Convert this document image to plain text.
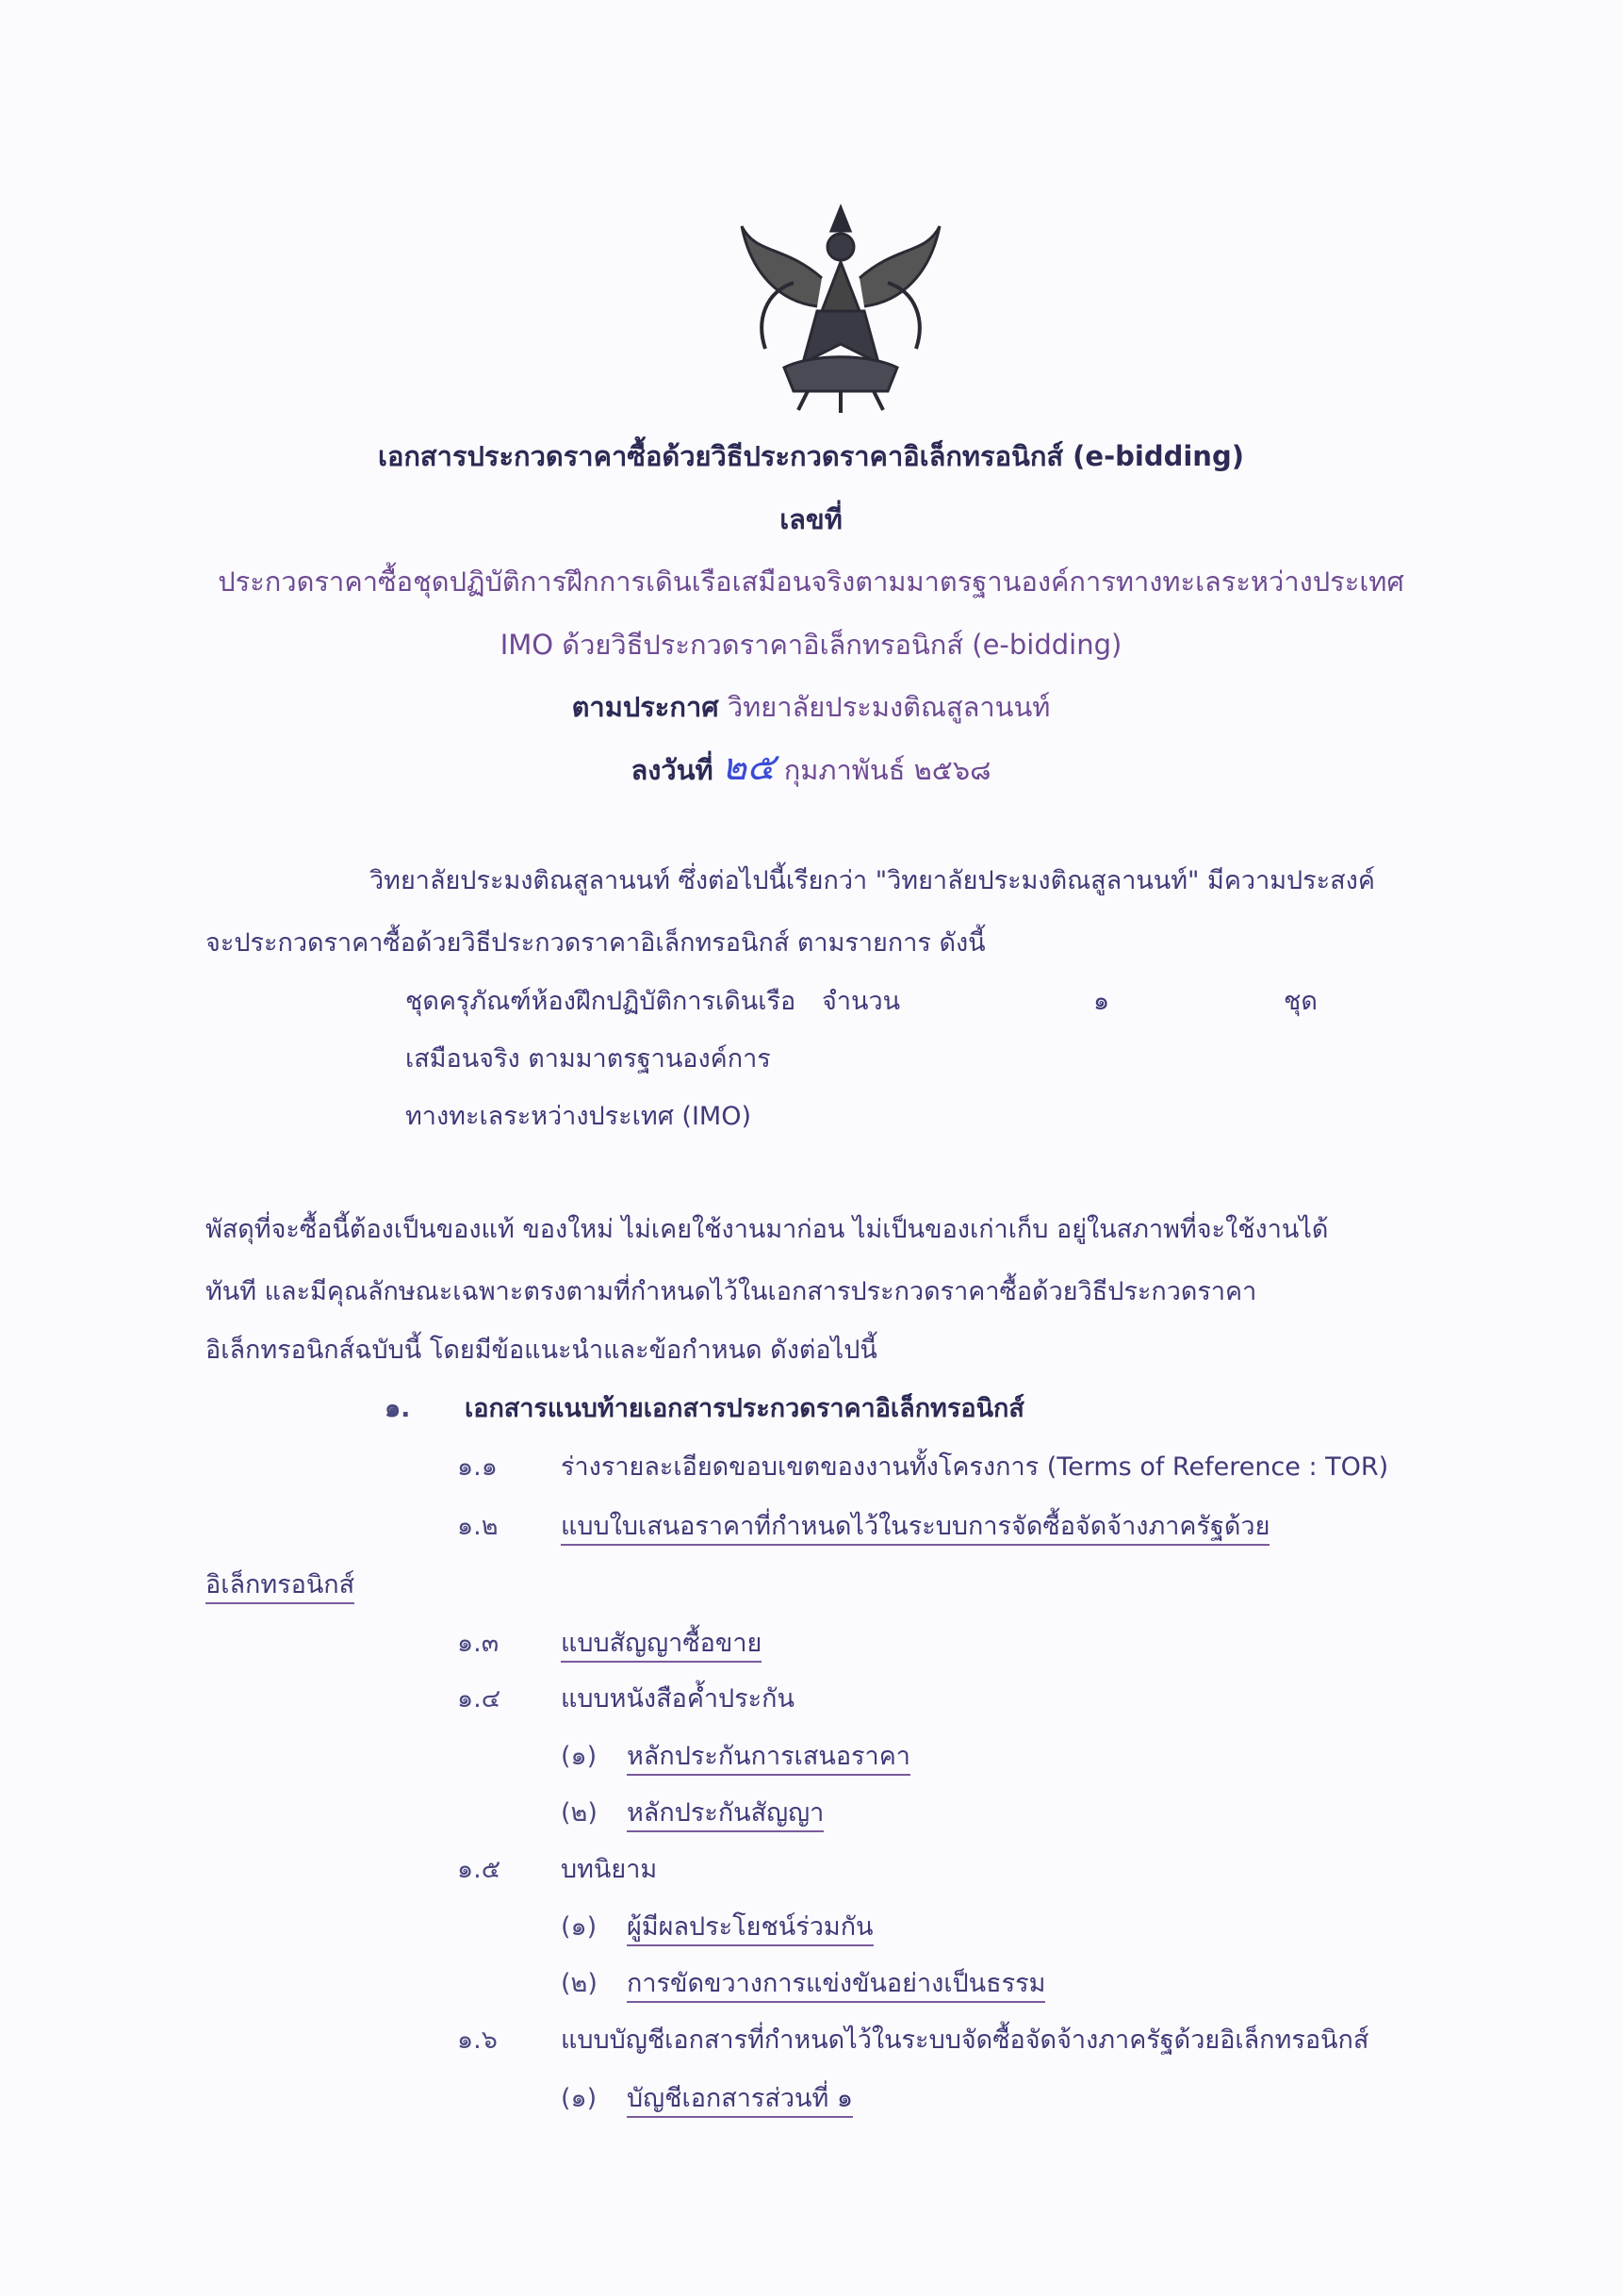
เอกสารประกวดราคาซื้อด้วยวิธีประกวดราคาอิเล็กทรอนิกส์ (e-bidding)
เลขที่
ประกวดราคาซื้อชุดปฏิบัติการฝึกการเดินเรือเสมือนจริงตามมาตรฐานองค์การทางทะเลระหว่างประเทศ
IMO ด้วยวิธีประกวดราคาอิเล็กทรอนิกส์ (e-bidding)
ตามประกาศ วิทยาลัยประมงติณสูลานนท์
ลงวันที่ ๒๕ กุมภาพันธ์ ๒๕๖๘
วิทยาลัยประมงติณสูลานนท์ ซึ่งต่อไปนี้เรียกว่า "วิทยาลัยประมงติณสูลานนท์" มีความประสงค์
จะประกวดราคาซื้อด้วยวิธีประกวดราคาอิเล็กทรอนิกส์ ตามรายการ ดังนี้
ชุดครุภัณฑ์ห้องฝึกปฏิบัติการเดินเรือ จำนวน	๑	ชุด
เสมือนจริง ตามมาตรฐานองค์การ
ทางทะเลระหว่างประเทศ (IMO)
พัสดุที่จะซื้อนี้ต้องเป็นของแท้ ของใหม่ ไม่เคยใช้งานมาก่อน ไม่เป็นของเก่าเก็บ อยู่ในสภาพที่จะใช้งานได้
ทันที และมีคุณลักษณะเฉพาะตรงตามที่กำหนดไว้ในเอกสารประกวดราคาซื้อด้วยวิธีประกวดราคา
อิเล็กทรอนิกส์ฉบับนี้ โดยมีข้อแนะนำและข้อกำหนด ดังต่อไปนี้
๑. เอกสารแนบท้ายเอกสารประกวดราคาอิเล็กทรอนิกส์
๑.๑ ร่างรายละเอียดขอบเขตของงานทั้งโครงการ (Terms of Reference : TOR)
๑.๒ แบบใบเสนอราคาที่กำหนดไว้ในระบบการจัดซื้อจัดจ้างภาครัฐด้วย
อิเล็กทรอนิกส์
๑.๓ แบบสัญญาซื้อขาย
๑.๔ แบบหนังสือค้ำประกัน
(๑) หลักประกันการเสนอราคา
(๒) หลักประกันสัญญา
๑.๕ บทนิยาม
(๑) ผู้มีผลประโยชน์ร่วมกัน
(๒) การขัดขวางการแข่งขันอย่างเป็นธรรม
๑.๖ แบบบัญชีเอกสารที่กำหนดไว้ในระบบจัดซื้อจัดจ้างภาครัฐด้วยอิเล็กทรอนิกส์
(๑) บัญชีเอกสารส่วนที่ ๑
